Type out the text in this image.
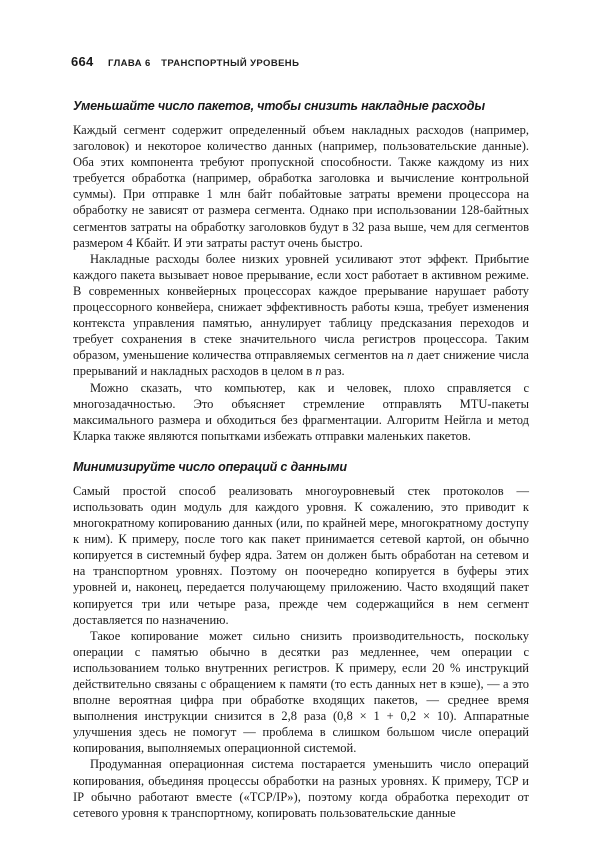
664 ГЛАВА 6 ТРАНСПОРТНЫЙ УРОВЕНЬ
Уменьшайте число пакетов, чтобы снизить накладные расходы

Каждый сегмент содержит определенный объем накладных расходов (например, заголовок) и некоторое количество данных (например, пользовательские данные). Оба этих компонента требуют пропускной способности. Также каждому из них требуется обработка (например, обработка заголовка и вычисление контрольной суммы). При отправке 1 млн байт побайтовые затраты времени процессора на обработку не зависят от размера сегмента. Однако при использовании 128-байтных сегментов затраты на обработку заголовков будут в 32 раза выше, чем для сегментов размером 4 Кбайт. И эти затраты растут очень быстро.

Накладные расходы более низких уровней усиливают этот эффект. Прибытие каждого пакета вызывает новое прерывание, если хост работает в активном режиме. В современных конвейерных процессорах каждое прерывание нарушает работу процессорного конвейера, снижает эффективность работы кэша, требует изменения контекста управления памятью, аннулирует таблицу предсказания переходов и требует сохранения в стеке значительного числа регистров процессора. Таким образом, уменьшение количества отправляемых сегментов на n дает снижение числа прерываний и накладных расходов в целом в n раз.

Можно сказать, что компьютер, как и человек, плохо справляется с многозадачностью. Это объясняет стремление отправлять MTU-пакеты максимального размера и обходиться без фрагментации. Алгоритм Нейгла и метод Кларка также являются попытками избежать отправки маленьких пакетов.

Минимизируйте число операций с данными

Самый простой способ реализовать многоуровневый стек протоколов — использовать один модуль для каждого уровня. К сожалению, это приводит к многократному копированию данных (или, по крайней мере, многократному доступу к ним). К примеру, после того как пакет принимается сетевой картой, он обычно копируется в системный буфер ядра. Затем он должен быть обработан на сетевом и на транспортном уровнях. Поэтому он поочередно копируется в буферы этих уровней и, наконец, передается получающему приложению. Часто входящий пакет копируется три или четыре раза, прежде чем содержащийся в нем сегмент доставляется по назначению.

Такое копирование может сильно снизить производительность, поскольку операции с памятью обычно в десятки раз медленнее, чем операции с использованием только внутренних регистров. К примеру, если 20 % инструкций действительно связаны с обращением к памяти (то есть данных нет в кэше), — а это вполне вероятная цифра при обработке входящих пакетов, — среднее время выполнения инструкции снизится в 2,8 раза (0,8 × 1 + 0,2 × 10). Аппаратные улучшения здесь не помогут — проблема в слишком большом числе операций копирования, выполняемых операционной системой.

Продуманная операционная система постарается уменьшить число операций копирования, объединяя процессы обработки на разных уровнях. К примеру, TCP и IP обычно работают вместе («TCP/IP»), поэтому когда обработка переходит от сетевого уровня к транспортному, копировать пользовательские данные
